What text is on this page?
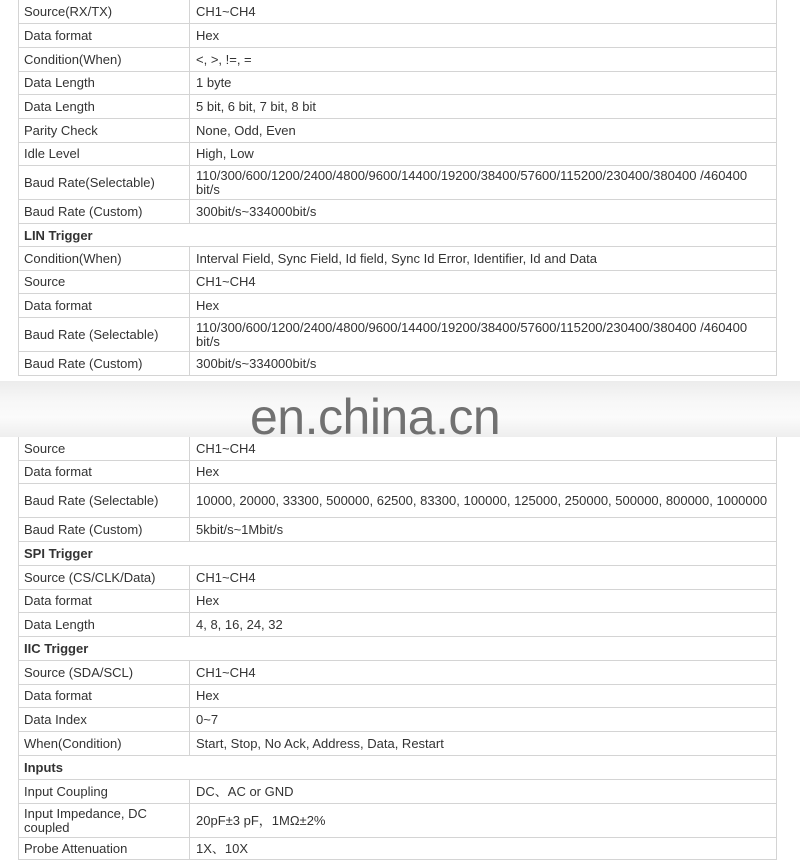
Source(RX/TX)	CH1~CH4
Data format	Hex
Condition(When)	<, >, !=, =
Data Length	1 byte
Data Length	5 bit, 6 bit, 7 bit, 8 bit
Parity Check	None, Odd, Even
Idle Level	High, Low
Baud Rate(Selectable)	110/300/600/1200/2400/4800/9600/14400/19200/38400/57600/115200/230400/380400 /460400 bit/s
Baud Rate (Custom)	300bit/s~334000bit/s
LIN Trigger
Condition(When)	Interval Field, Sync Field, Id field, Sync Id Error, Identifier, Id and Data
Source	CH1~CH4
Data format	Hex
Baud Rate (Selectable)	110/300/600/1200/2400/4800/9600/14400/19200/38400/57600/115200/230400/380400 /460400 bit/s
Baud Rate (Custom)	300bit/s~334000bit/s
en.china.cn
Source	CH1~CH4
Data format	Hex
Baud Rate (Selectable)	10000, 20000, 33300, 500000, 62500, 83300, 100000, 125000, 250000, 500000, 800000, 1000000
Baud Rate (Custom)	5kbit/s~1Mbit/s
SPI Trigger
Source (CS/CLK/Data)	CH1~CH4
Data format	Hex
Data Length	4, 8, 16, 24, 32
IIC Trigger
Source (SDA/SCL)	CH1~CH4
Data format	Hex
Data Index	0~7
When(Condition)	Start, Stop, No Ack, Address, Data, Restart
Inputs
Input Coupling	DC、AC or GND
Input Impedance, DC coupled	20pF±3 pF，1MΩ±2%
Probe Attenuation	1X、10X
